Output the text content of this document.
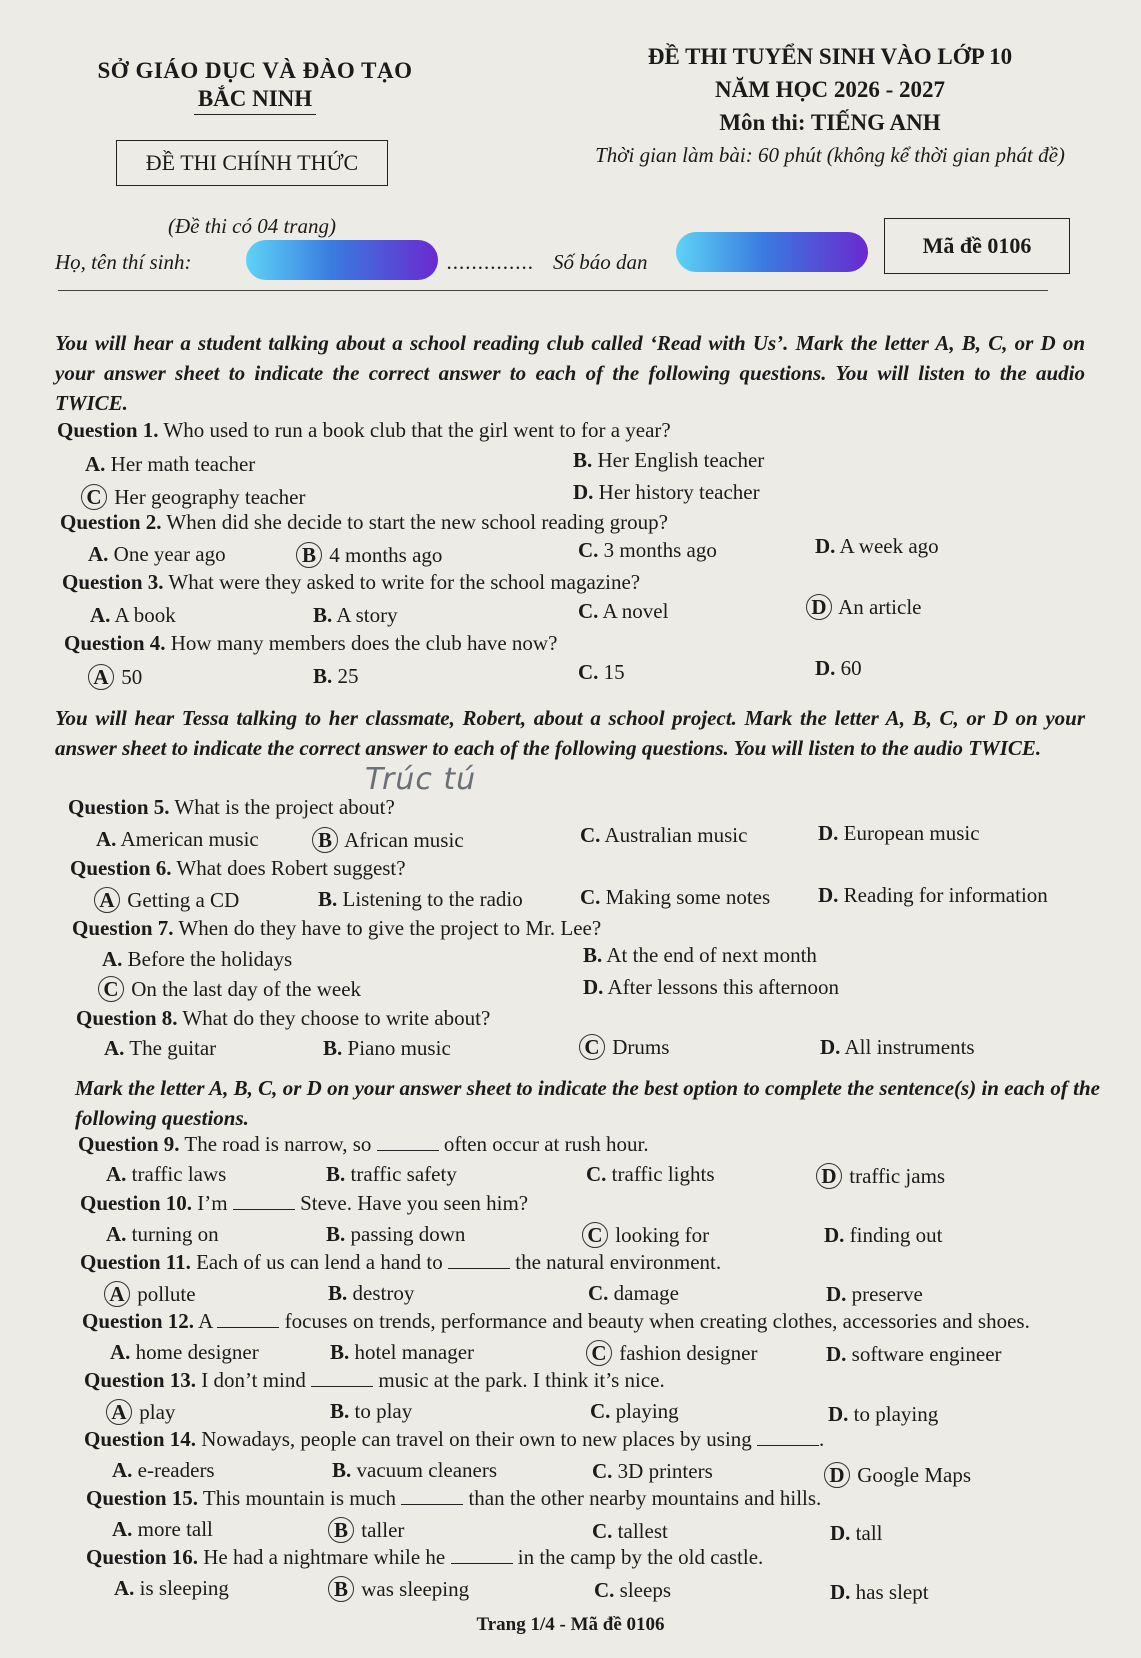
SỞ GIÁO DỤC VÀ ĐÀO TẠO
BẮC NINH
ĐỀ THI CHÍNH THỨC
ĐỀ THI TUYỂN SINH VÀO LỚP 10
NĂM HỌC 2026 - 2027
Môn thi: TIẾNG ANH
Thời gian làm bài: 60 phút (không kể thời gian phát đề)
(Đề thi có 04 trang)
Họ, tên thí sinh:	.............. Số báo dan
Mã đề 0106
You will hear a student talking about a school reading club called ‘Read with Us’. Mark the letter A, B, C, or D on your answer sheet to indicate the correct answer to each of the following questions. You will listen to the audio TWICE.
You will hear Tessa talking to her classmate, Robert, about a school project. Mark the letter A, B, C, or D on your answer sheet to indicate the correct answer to each of the following questions. You will listen to the audio TWICE.
Mark the letter A, B, C, or D on your answer sheet to indicate the best option to complete the sentence(s) in each of the following questions.
Trúc tú
Question 1. Who used to run a book club that the girl went to for a year?
A. Her math teacher	B. Her English teacher
C Her geography teacher	D. Her history teacher
Question 2. When did she decide to start the new school reading group?
A. One year ago	B 4 months ago	C. 3 months ago	D. A week ago
Question 3. What were they asked to write for the school magazine?
A. A book	B. A story	C. A novel	D An article
Question 4. How many members does the club have now?
A 50	B. 25	C. 15	D. 60
Question 5. What is the project about?
A. American music	B African music	C. Australian music	D. European music
Question 6. What does Robert suggest?
A Getting a CD	B. Listening to the radio	C. Making some notes D. Reading for information
Question 7. When do they have to give the project to Mr. Lee?
A. Before the holidays	B. At the end of next month
C On the last day of the week	D. After lessons this afternoon
Question 8. What do they choose to write about?
A. The guitar	B. Piano music	C Drums	D. All instruments
Question 9. The road is narrow, so	often occur at rush hour.
A. traffic laws	B. traffic safety	C. traffic lights	D traffic jams
Question 10. I’m	Steve. Have you seen him?
A. turning on	B. passing down	C looking for	D. finding out
Question 11. Each of us can lend a hand to	the natural environment.
A pollute	B. destroy	C. damage	D. preserve
Question 12. A	focuses on trends, performance and beauty when creating clothes, accessories and shoes.
A. home designer	B. hotel manager	C fashion designer	D. software engineer
Question 13. I don’t mind	music at the park. I think it’s nice.
A play	B. to play	C. playing	D. to playing
Question 14. Nowadays, people can travel on their own to new places by using	.
A. e-readers	B. vacuum cleaners	C. 3D printers	D Google Maps
Question 15. This mountain is much	than the other nearby mountains and hills.
A. more tall	B taller	C. tallest	D. tall
Question 16. He had a nightmare while he	in the camp by the old castle.
A. is sleeping	B was sleeping	C. sleeps	D. has slept
Trang 1/4 - Mã đề 0106
